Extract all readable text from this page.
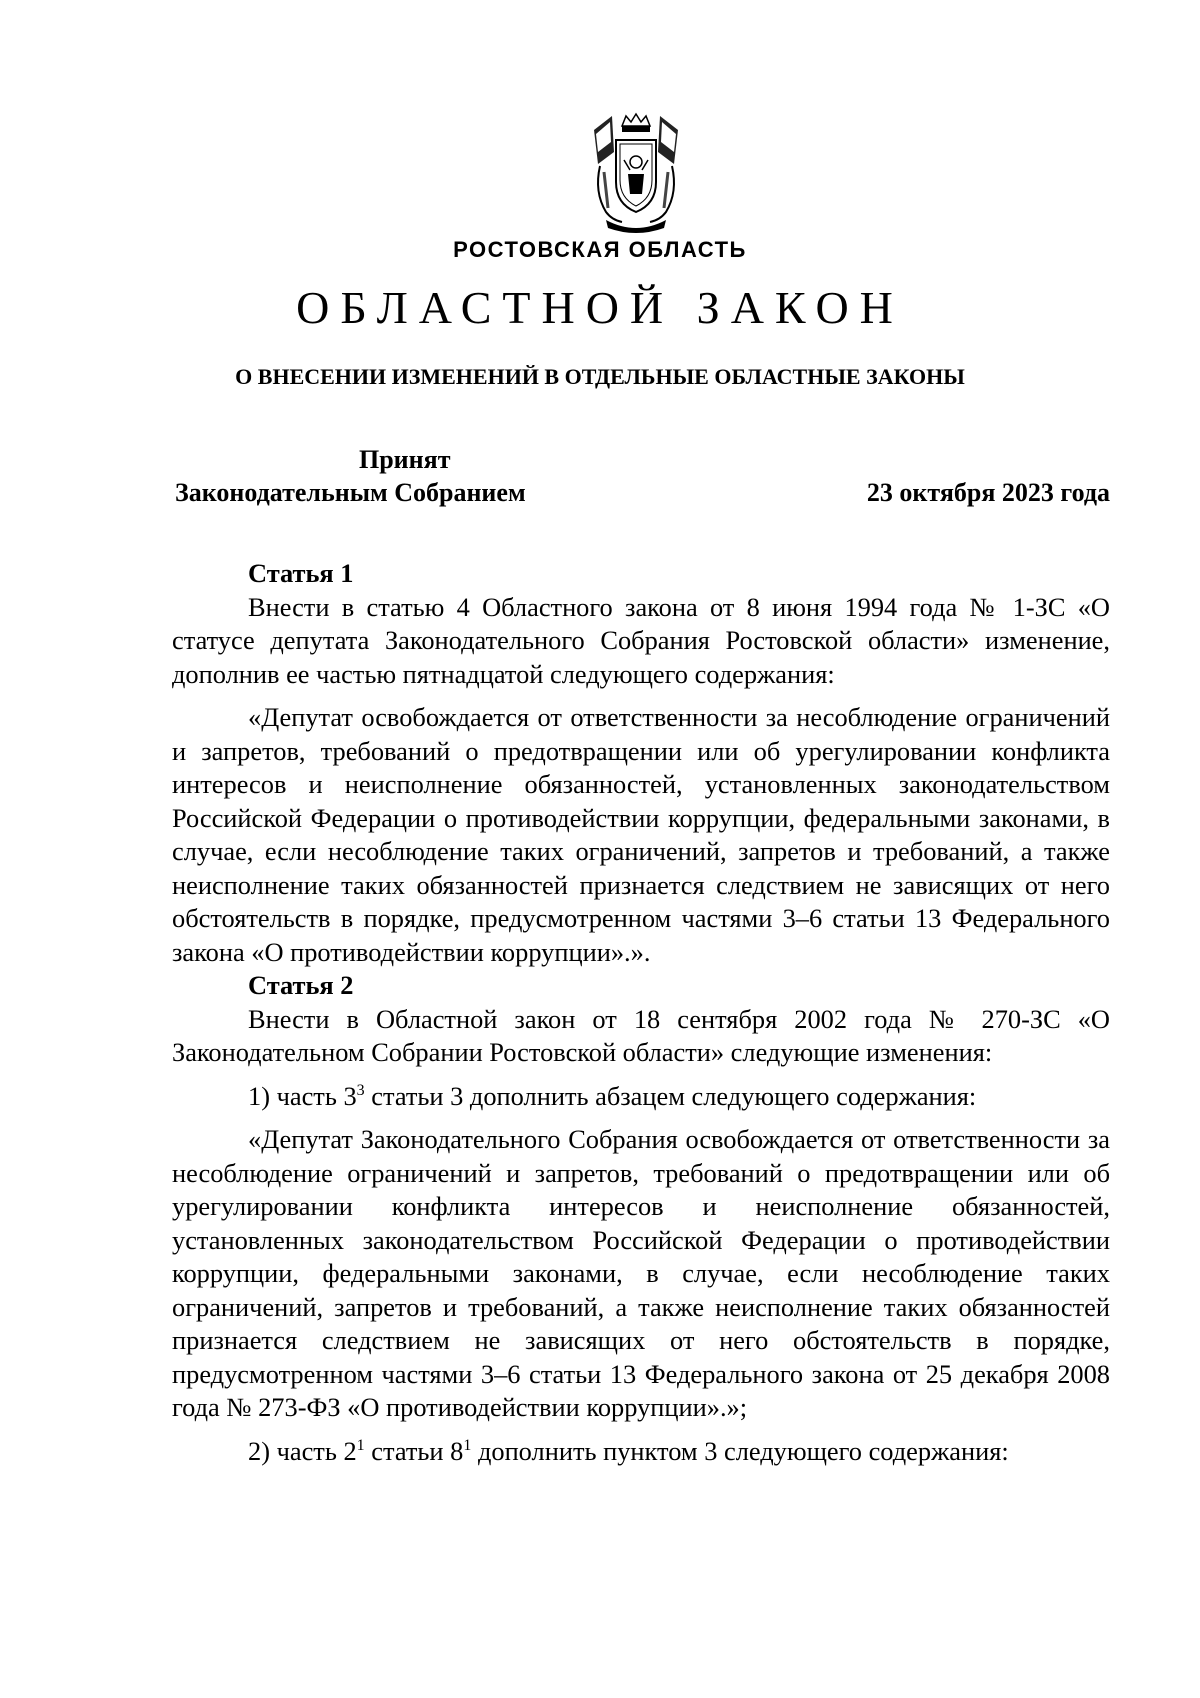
РОСТОВСКАЯ ОБЛАСТЬ
ОБЛАСТНОЙ ЗАКОН
О ВНЕСЕНИИ ИЗМЕНЕНИЙ В ОТДЕЛЬНЫЕ ОБЛАСТНЫЕ ЗАКОНЫ
Принят
Законодательным Собранием	23 октября 2023 года
Статья 1

Внести в статью 4 Областного закона от 8 июня 1994 года № 1-ЗС «О статусе депутата Законодательного Собрания Ростовской области» изменение, дополнив ее частью пятнадцатой следующего содержания:

«Депутат освобождается от ответственности за несоблюдение ограничений и запретов, требований о предотвращении или об урегулировании конфликта интересов и неисполнение обязанностей, установленных законодательством Российской Федерации о противодействии коррупции, федеральными законами, в случае, если несоблюдение таких ограничений, запретов и требований, а также неисполнение таких обязанностей признается следствием не зависящих от него обстоятельств в порядке, предусмотренном частями 3–6 статьи 13 Федерального закона «О противодействии коррупции».».

Статья 2

Внести в Областной закон от 18 сентября 2002 года № 270-ЗС «О Законодательном Собрании Ростовской области» следующие изменения:

1) часть $3^3$ статьи 3 дополнить абзацем следующего содержания:

«Депутат Законодательного Собрания освобождается от ответственности за несоблюдение ограничений и запретов, требований о предотвращении или об урегулировании конфликта интересов и неисполнение обязанностей, установленных законодательством Российской Федерации о противодействии коррупции, федеральными законами, в случае, если несоблюдение таких ограничений, запретов и требований, а также неисполнение таких обязанностей признается следствием не зависящих от него обстоятельств в порядке, предусмотренном частями 3–6 статьи 13 Федерального закона от 25 декабря 2008 года № 273-ФЗ «О противодействии коррупции».»;

2) часть $2^1$ статьи $8^1$ дополнить пунктом 3 следующего содержания:
